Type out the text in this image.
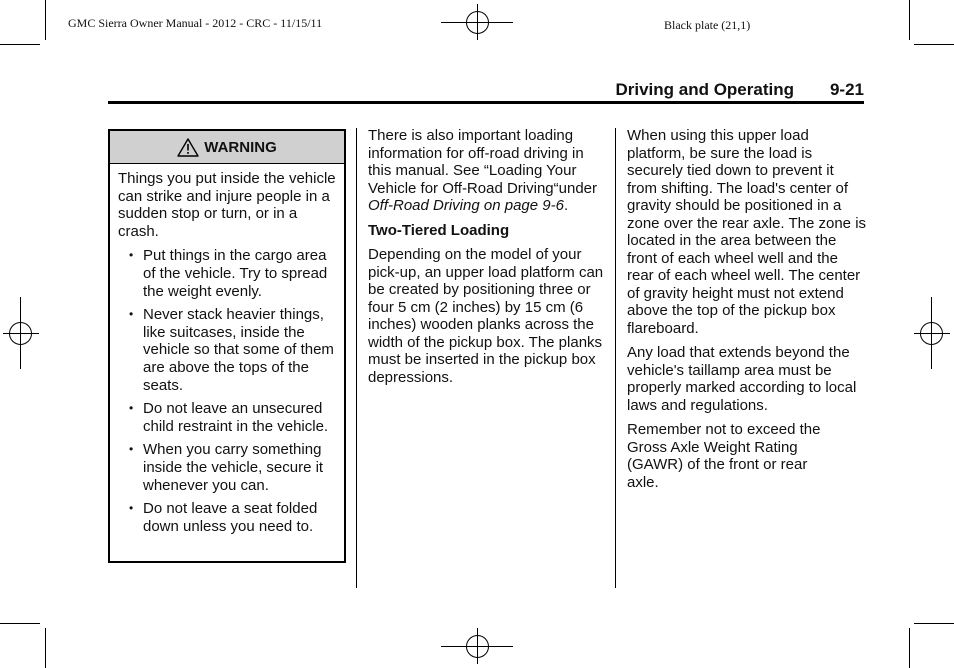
GMC Sierra Owner Manual - 2012 - CRC - 11/15/11	Black plate (21,1)
Driving and Operating 9-21
WARNING

Things you put inside the vehicle can strike and injure people in a sudden stop or turn, or in a crash.

• Put things in the cargo area of the vehicle. Try to spread the weight evenly.
• Never stack heavier things, like suitcases, inside the vehicle so that some of them are above the tops of the seats.
• Do not leave an unsecured child restraint in the vehicle.
• When you carry something inside the vehicle, secure it whenever you can.
• Do not leave a seat folded down unless you need to.

There is also important loading information for off-road driving in this manual. See “Loading Your Vehicle for Off-Road Driving“under Off-Road Driving on page 9-6.

Two-Tiered Loading

Depending on the model of your pick-up, an upper load platform can be created by positioning three or four 5 cm (2 inches) by 15 cm (6 inches) wooden planks across the width of the pickup box. The planks must be inserted in the pickup box depressions.

When using this upper load platform, be sure the load is securely tied down to prevent it from shifting. The load's center of gravity should be positioned in a zone over the rear axle. The zone is located in the area between the front of each wheel well and the rear of each wheel well. The center of gravity height must not extend above the top of the pickup box flareboard.

Any load that extends beyond the vehicle's taillamp area must be properly marked according to local laws and regulations.

Remember not to exceed the Gross Axle Weight Rating (GAWR) of the front or rear axle.
